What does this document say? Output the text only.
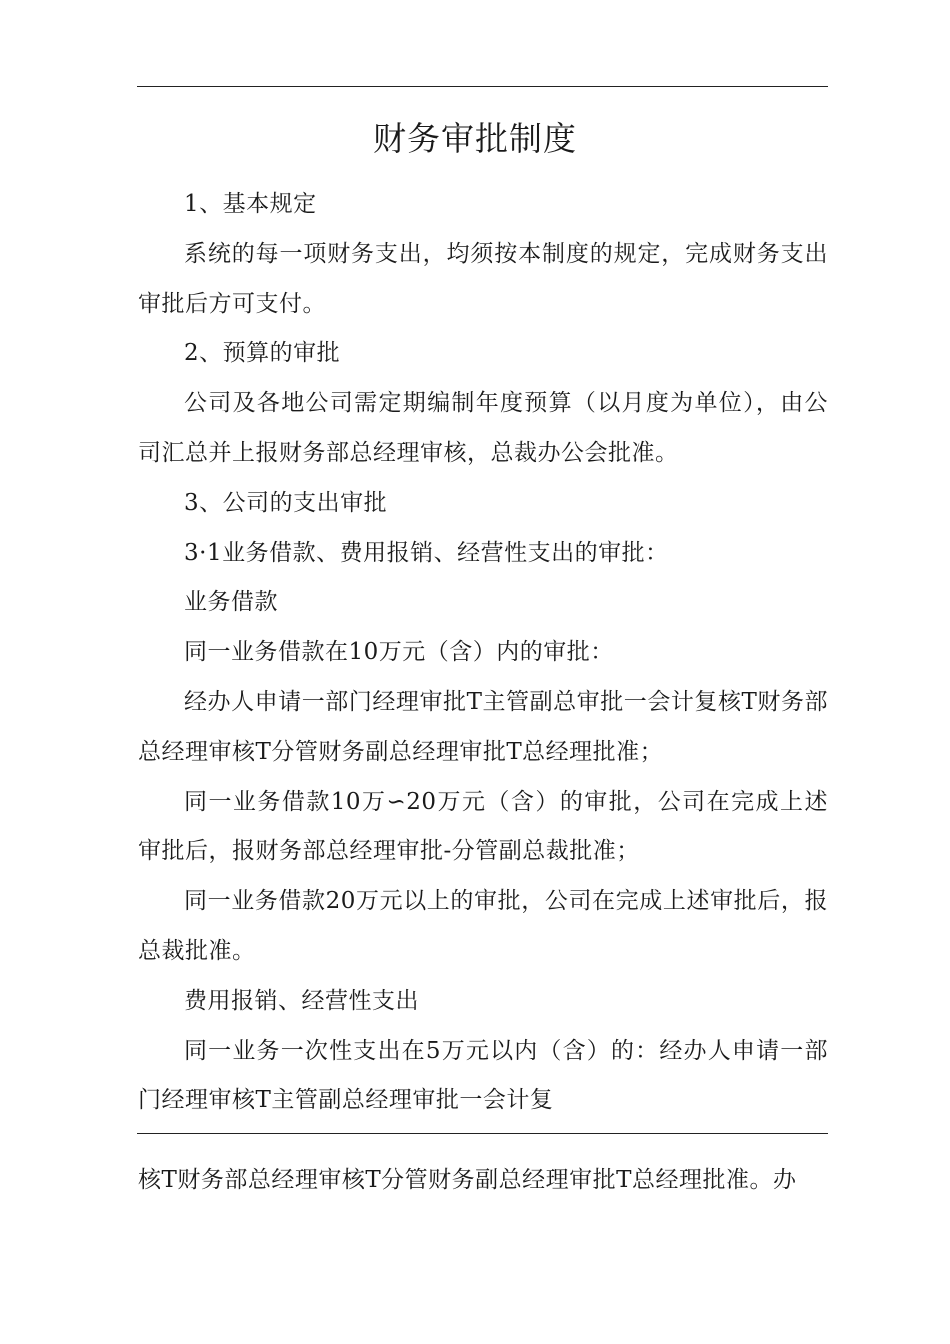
财务审批制度

1、基本规定

系统的每一项财务支出，均须按本制度的规定，完成财务支出审批后方可支付。

2、预算的审批

公司及各地公司需定期编制年度预算（以月度为单位），由公司汇总并上报财务部总经理审核，总裁办公会批准。

3、公司的支出审批

3·1业务借款、费用报销、经营性支出的审批：

业务借款

同一业务借款在10万元（含）内的审批：

经办人申请一部门经理审批T主管副总审批一会计复核T财务部总经理审核T分管财务副总经理审批T总经理批准；

同一业务借款10万∽20万元（含）的审批，公司在完成上述审批后，报财务部总经理审批-分管副总裁批准；

同一业务借款20万元以上的审批，公司在完成上述审批后，报总裁批准。

费用报销、经营性支出

同一业务一次性支出在5万元以内（含）的：经办人申请一部门经理审核T主管副总经理审批一会计复

核T财务部总经理审核T分管财务副总经理审批T总经理批准。办
